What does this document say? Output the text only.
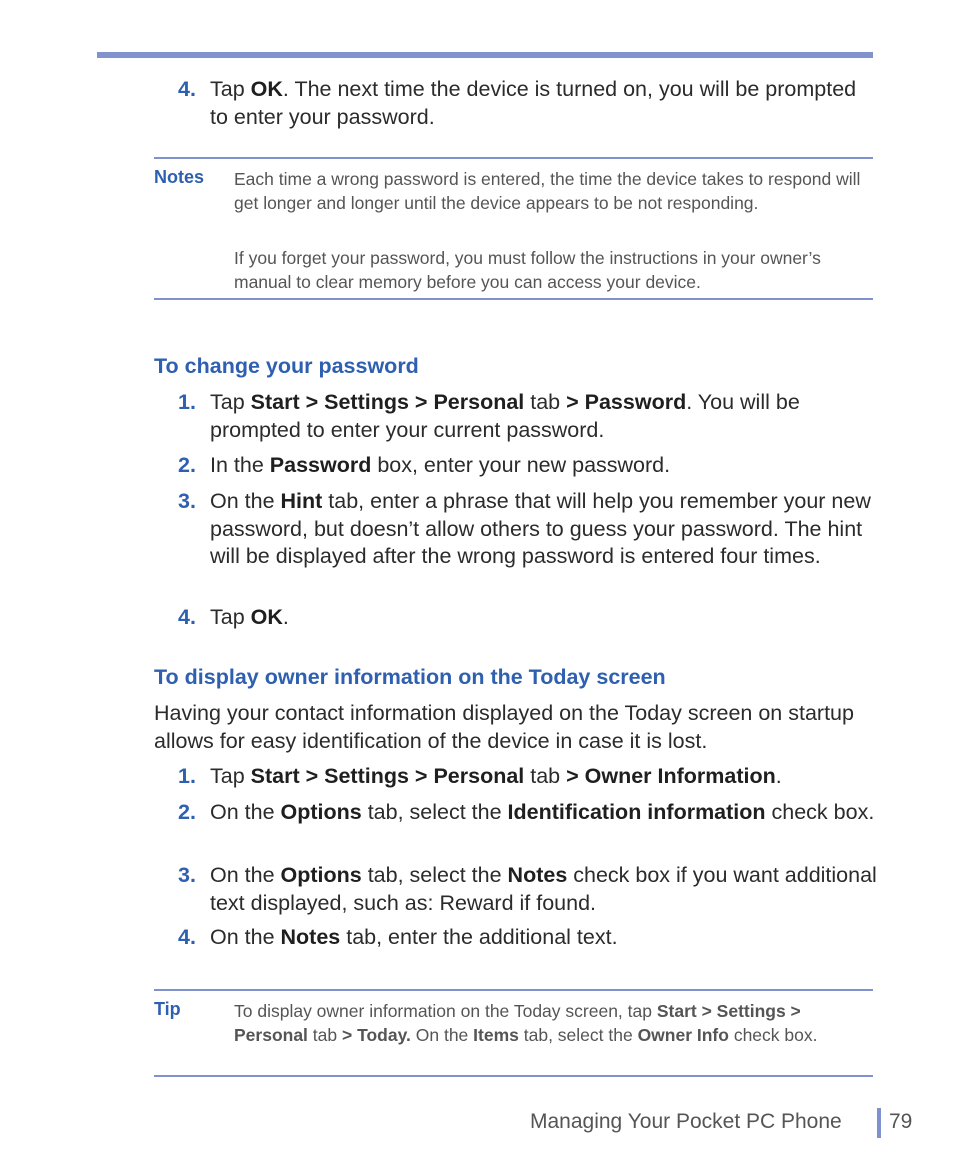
4. Tap OK. The next time the device is turned on, you will be prompted to enter your password.
Notes Each time a wrong password is entered, the time the device takes to respond will get longer and longer until the device appears to be not responding.
If you forget your password, you must follow the instructions in your owner’s manual to clear memory before you can access your device.
To change your password
1. Tap Start > Settings > Personal tab > Password. You will be prompted to enter your current password.
2. In the Password box, enter your new password.
3. On the Hint tab, enter a phrase that will help you remember your new password, but doesn’t allow others to guess your password. The hint will be displayed after the wrong password is entered four times.
4. Tap OK.
To display owner information on the Today screen
Having your contact information displayed on the Today screen on startup allows for easy identification of the device in case it is lost.
1. Tap Start > Settings > Personal tab > Owner Information.
2. On the Options tab, select the Identification information check box.
3. On the Options tab, select the Notes check box if you want additional text displayed, such as: Reward if found.
4. On the Notes tab, enter the additional text.
Tip	To display owner information on the Today screen, tap Start > Settings > Personal tab > Today. On the Items tab, select the Owner Info check box.
Managing Your Pocket PC Phone 79
